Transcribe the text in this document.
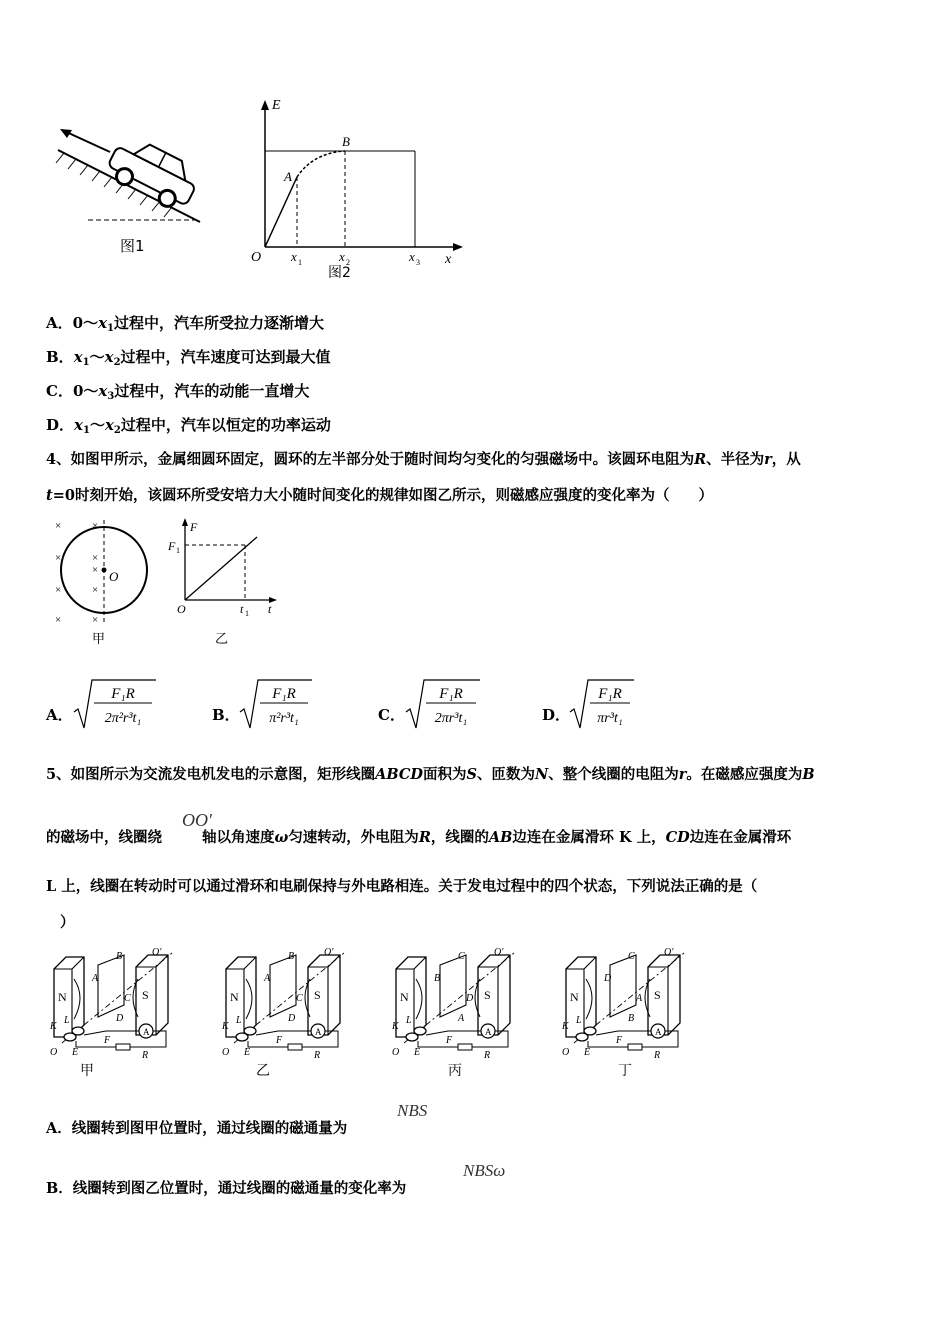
图1
E
x
O
A
B
x 1	x 2	x 3
图2
A．$0\sim x_1$过程中，汽车所受拉力逐渐增大
B．$x_1\sim x_2$过程中，汽车速度可达到最大值
C．$0\sim x_3$过程中，汽车的动能一直增大
D．$x_1\sim x_2$过程中，汽车以恒定的功率运动
4、如图甲所示，金属细圆环固定，圆环的左半部分处于随时间均匀变化的匀强磁场中。该圆环电阻为R、半径为r，从
t=0时刻开始，该圆环所受安培力大小随时间变化的规律如图乙所示，则磁感应强度的变化率为（　　）
×	×
×	×
×	×
×	×
× O
甲
F
t
O
F 1
t 1
乙
A．
F₁R
2π²r³t₁	B．
F₁R
π²r³t₁	C．
F₁R
2πr³t₁	D．
F₁R
πr³t₁
5、如图所示为交流发电机发电的示意图，矩形线圈ABCD面积为S、匝数为N、整个线圈的电阻为r。在磁感应强度为B
OO′
的磁场中，线圈绕	轴以角速度ω匀速转动，外电阻为R，线圈的AB边连在金属滑环 K 上，CD边连在金属滑环
L 上，线圈在转动时可以通过滑环和电刷保持与外电路相连。关于发电过程中的四个状态，下列说法正确的是（
）
B
A
C
D
N	S
K
L
O E
F
R
O′
A
甲
B
A
C
D
N	S
K
L
O E
F
R
O′
A
乙
C
B
D
A
N	S
K
L
O E
F
R
O′
A
丙
C
D
A
B
N	S
K
L
O E
F
R
O′
A
丁
A．线圈转到图甲位置时，通过线圈的磁通量为
NBS
B．线圈转到图乙位置时，通过线圈的磁通量的变化率为
NBSω
